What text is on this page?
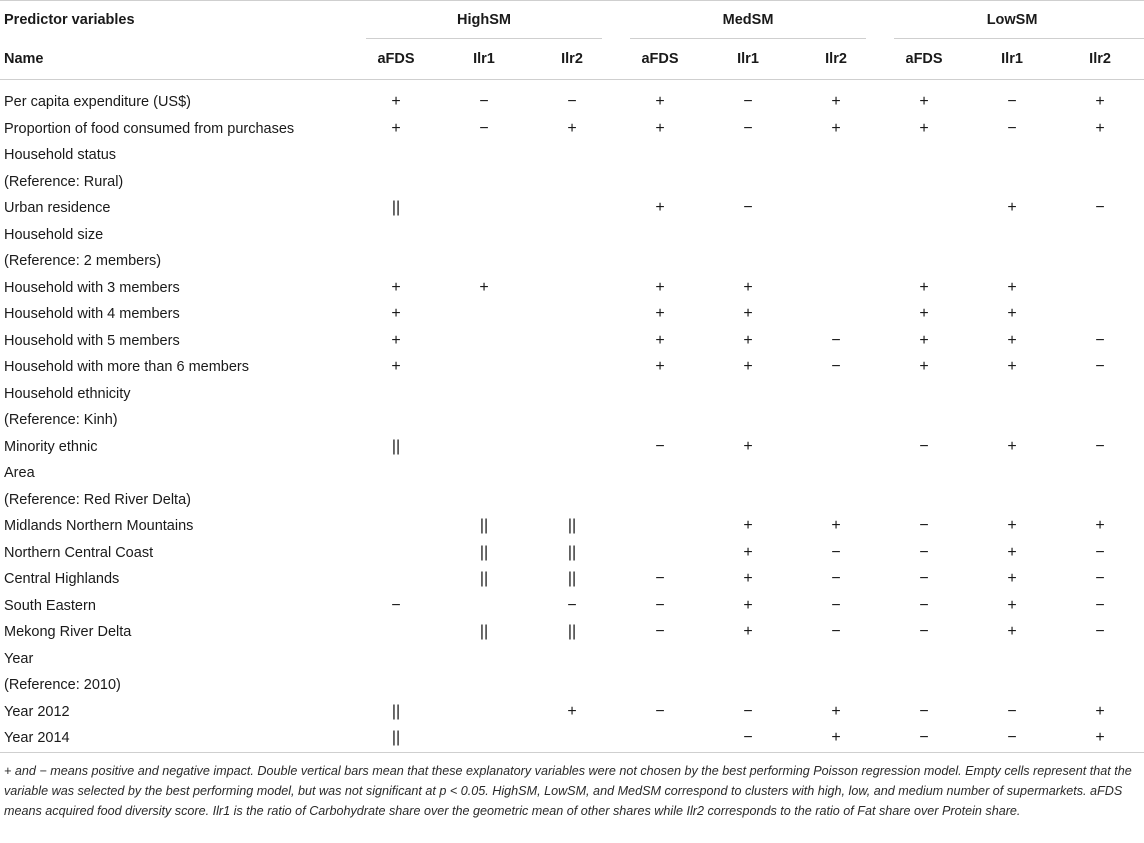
Predictor variables	HighSM			MedSM			LowSM		

Name	aFDS	Ilr1	Ilr2	aFDS	Ilr1	Ilr2	aFDS	Ilr1	Ilr2

Per capita expenditure (US$)	+	−	−	+	−	+	+	−	+
Proportion of food consumed from purchases	+	−	+	+	−	+	+	−	+
Household status									
(Reference: Rural)									
Urban residence	||			+	−			+	−
Household size									
(Reference: 2 members)									
Household with 3 members	+	+		+	+		+	+	
Household with 4 members	+			+	+		+	+	
Household with 5 members	+			+	+	−	+	+	−
Household with more than 6 members	+			+	+	−	+	+	−
Household ethnicity									
(Reference: Kinh)									
Minority ethnic	||			−	+		−	+	−
Area									
(Reference: Red River Delta)									
Midlands Northern Mountains		||	||		+	+	−	+	+
Northern Central Coast		||	||		+	−	−	+	−
Central Highlands		||	||	−	+	−	−	+	−
South Eastern	−		−	−	+	−	−	+	−
Mekong River Delta		||	||	−	+	−	−	+	−
Year									
(Reference: 2010)									
Year 2012	||		+	−	−	+	−	−	+
Year 2014	||				−	+	−	−	+
+ and − means positive and negative impact. Double vertical bars mean that these explanatory variables were not chosen by the best performing Poisson regression model. Empty cells represent that the variable was selected by the best performing model, but was not significant at p < 0.05. HighSM, LowSM, and MedSM correspond to clusters with high, low, and medium number of supermarkets. aFDS means acquired food diversity score. Ilr1 is the ratio of Carbohydrate share over the geometric mean of other shares while Ilr2 corresponds to the ratio of Fat share over Protein share.
